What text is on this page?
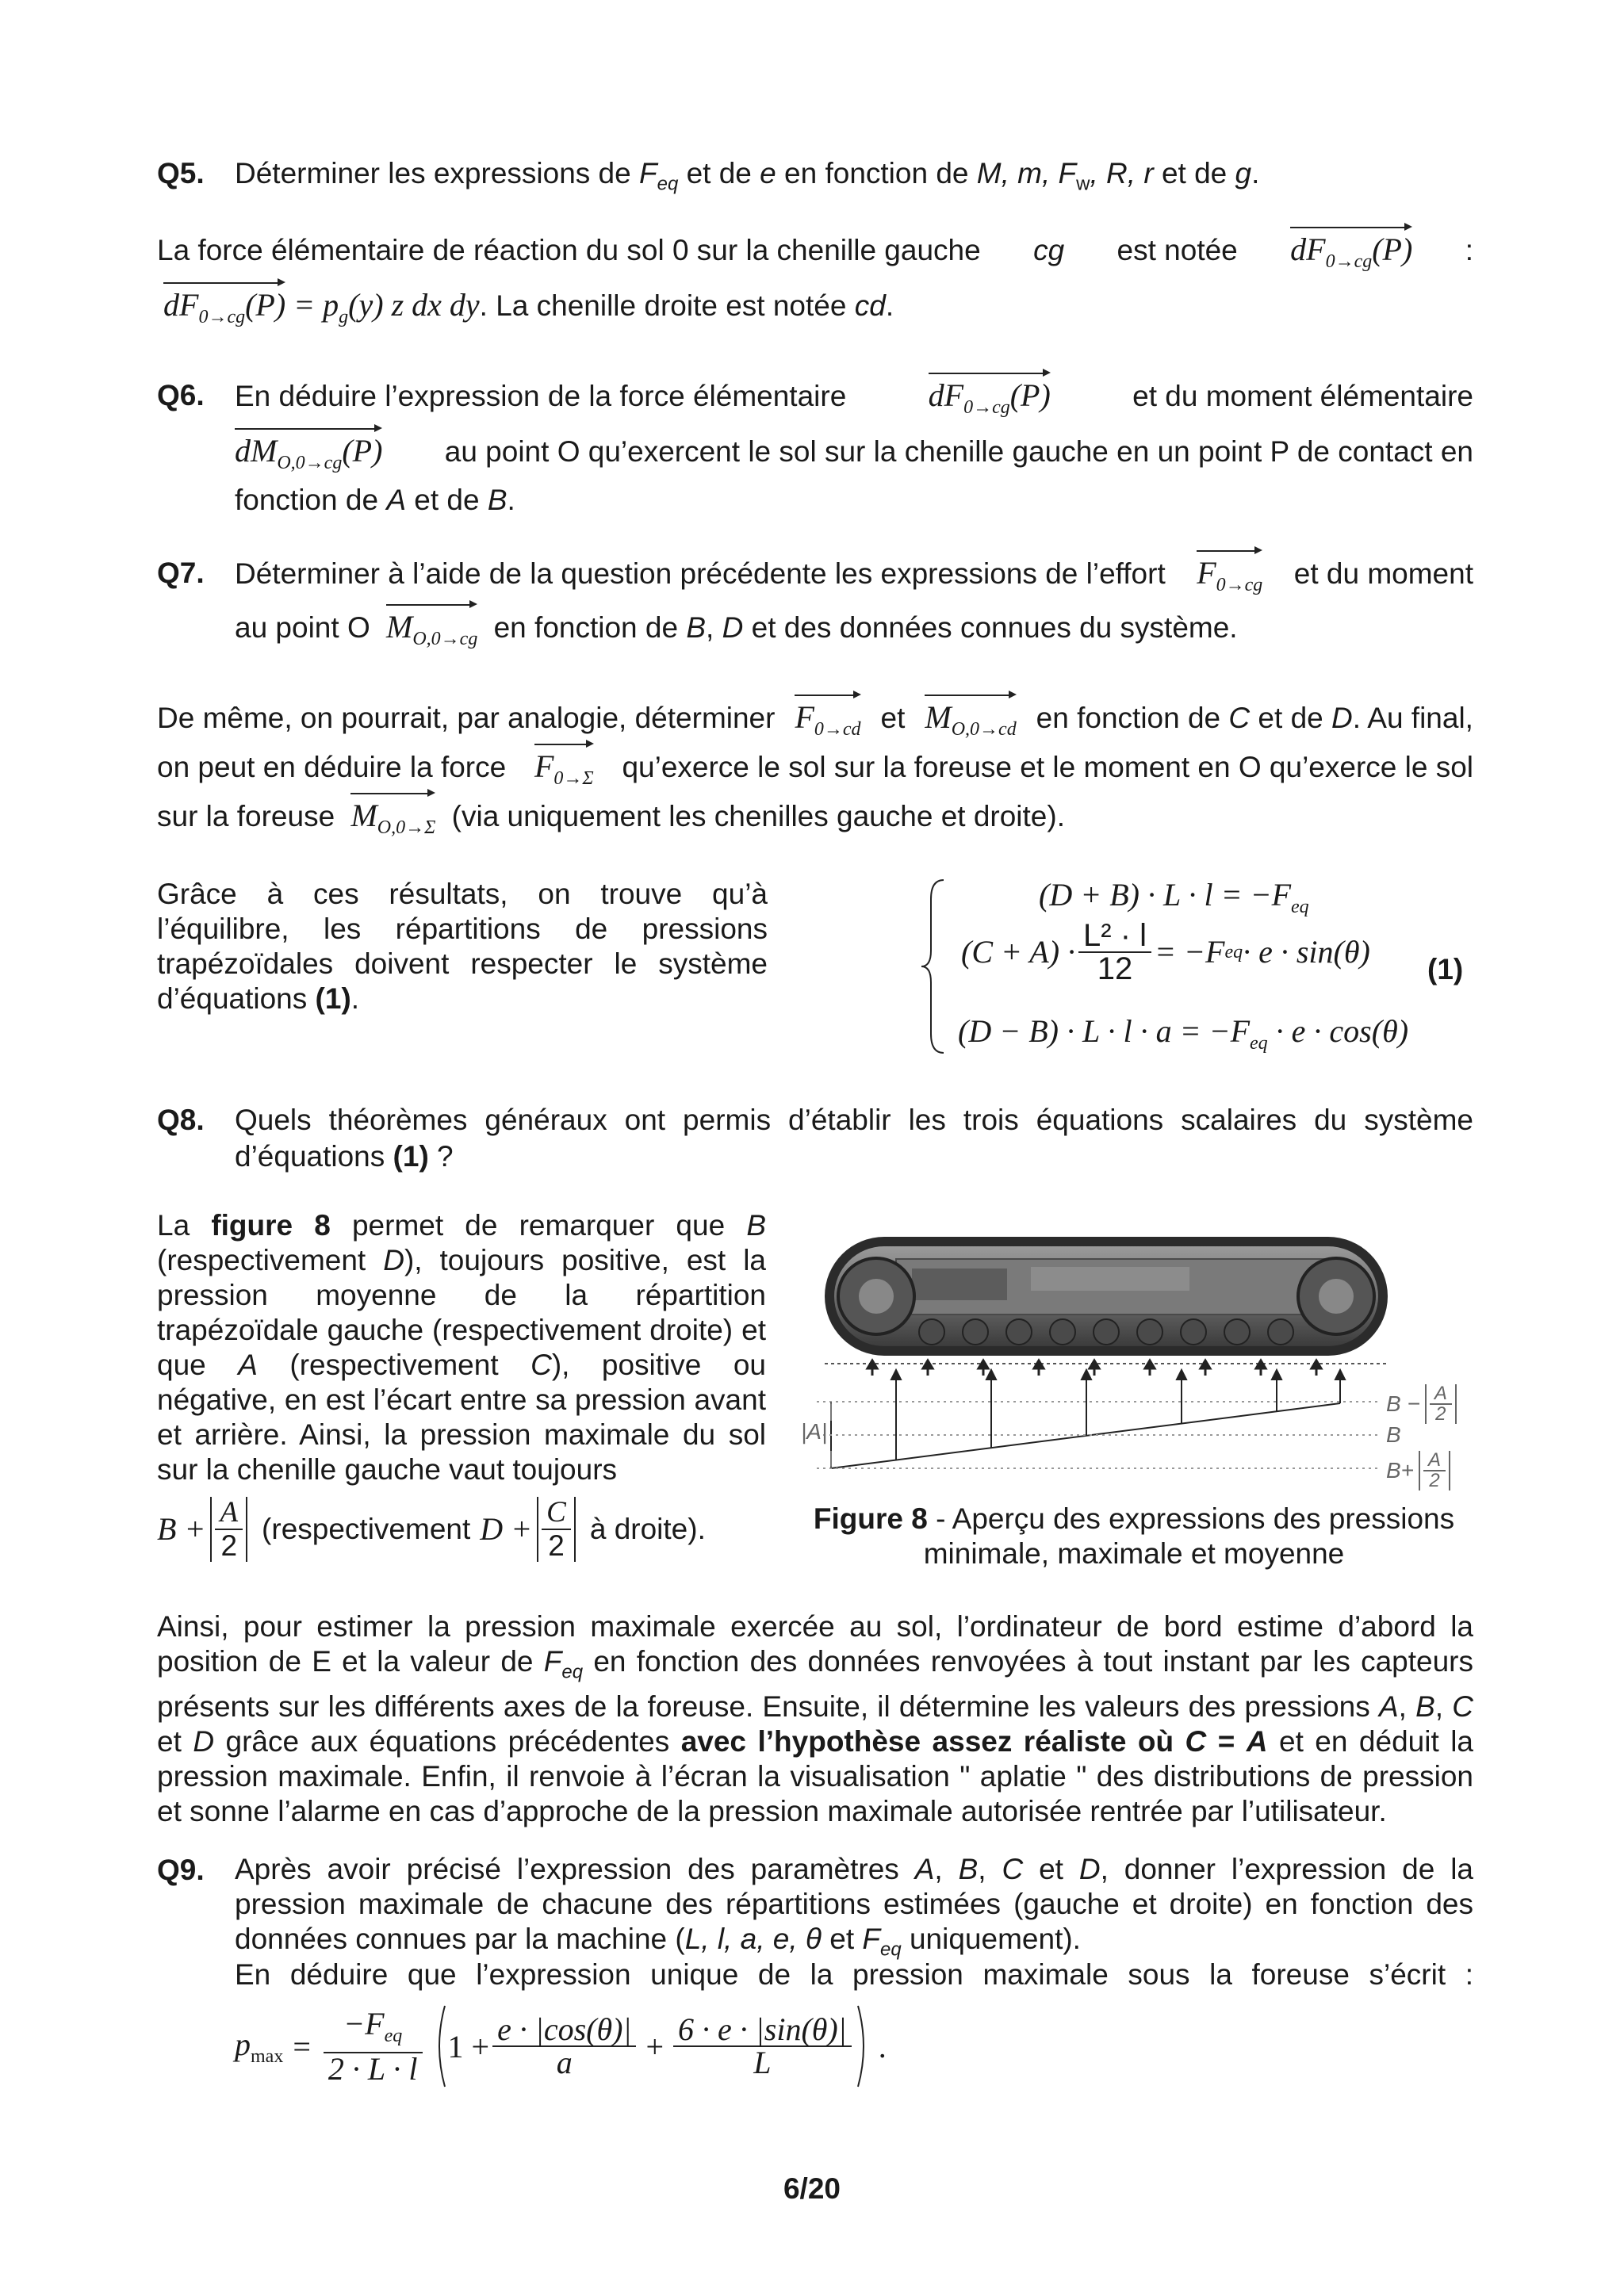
Q5. Déterminer les expressions de $F_{eq}$ et de e en fonction de M, m, $F_w$, R, r et de g.
La force élémentaire de réaction du sol 0 sur la chenille gauche cg est notée $dF_{0\to cg}(P)$ :
$dF_{0\to cg}(P) = p_g(y)$ z dx dy. La chenille droite est notée cd.
Q6. En déduire l’expression de la force élémentaire	$dF_{0\to cg}(P)$	et du moment élémentaire
$dM_{O,0\to cg}(P)$ au point O qu’exercent le sol sur la chenille gauche en un point P de contact en
fonction de A et de B.
Q7. Déterminer à l’aide de la question précédente les expressions de l’effort $F_{0\to cg}$ et du moment
au point O $M_{O,0\to cg}$ en fonction de B, D et des données connues du système.
De même, on pourrait, par analogie, déterminer $F_{0\to cd}$ et $M_{O,0\to cd}$ en fonction de C et de D. Au final,
on peut en déduire la force $F_{0\to\Sigma}$ qu’exerce le sol sur la foreuse et le moment en O qu’exerce le sol
sur la foreuse $M_{O,0\to\Sigma}$ (via uniquement les chenilles gauche et droite).
Grâce à ces résultats, on trouve qu’à l’équilibre, les répartitions de pressions trapézoïdales doivent respecter le système d’équations (1).
$(D + B) \cdot L \cdot l = -F_{eq}$
$(C + A) \cdot \frac{\text{L² · l}}{12} = -F$ eq · e · sin(θ)
$(D - B) \cdot L \cdot l \cdot a = -F_{eq} \cdot e \cdot \cos(\theta)$
(1)
Q8. Quels théorèmes généraux ont permis d’établir les trois équations scalaires du système
d’équations (1) ?
La figure 8 permet de remarquer que B (respectivement D), toujours positive, est la pression moyenne de la répartition trapézoïdale gauche (respectivement droite) et que A (respectivement C), positive ou négative, en est l’écart entre sa pression avant et arrière. Ainsi, la pression maximale du sol sur la chenille gauche vaut toujours
$B + \frac{A}{2}$ (respectivement $D + \frac{C}{2}$ à droite).
|A|
$B - \frac{A}{2}$
B
$B+ \frac{A}{2}$
Figure 8 - Aperçu des expressions des pressions
minimale, maximale et moyenne
Ainsi, pour estimer la pression maximale exercée au sol, l’ordinateur de bord estime d’abord la position de E et la valeur de $F_{eq}$ en fonction des données renvoyées à tout instant par les capteurs présents sur les différents axes de la foreuse. Ensuite, il détermine les valeurs des pressions A, B, C et D grâce aux équations précédentes avec l’hypothèse assez réaliste où C = A et en déduit la pression maximale. Enfin, il renvoie à l’écran la visualisation " aplatie " des distributions de pression et sonne l’alarme en cas d’approche de la pression maximale autorisée rentrée par l’utilisateur.
Q9. Après avoir précisé l’expression des paramètres A, B, C et D, donner l’expression de la pression maximale de chacune des répartitions estimées (gauche et droite) en fonction des données connues par la machine (L, l, a, e, θ et $F_{eq}$ uniquement).
En déduire que l’expression unique de la pression maximale sous la foreuse s’écrit :
$p_{max} = \frac{-F_{eq}}{2 \cdot L \cdot l} 1 + \frac{e \cdot |\cos(\theta)|}{a} + \frac{6 \cdot e \cdot |\sin(\theta)|}{L}$ .
6/20
